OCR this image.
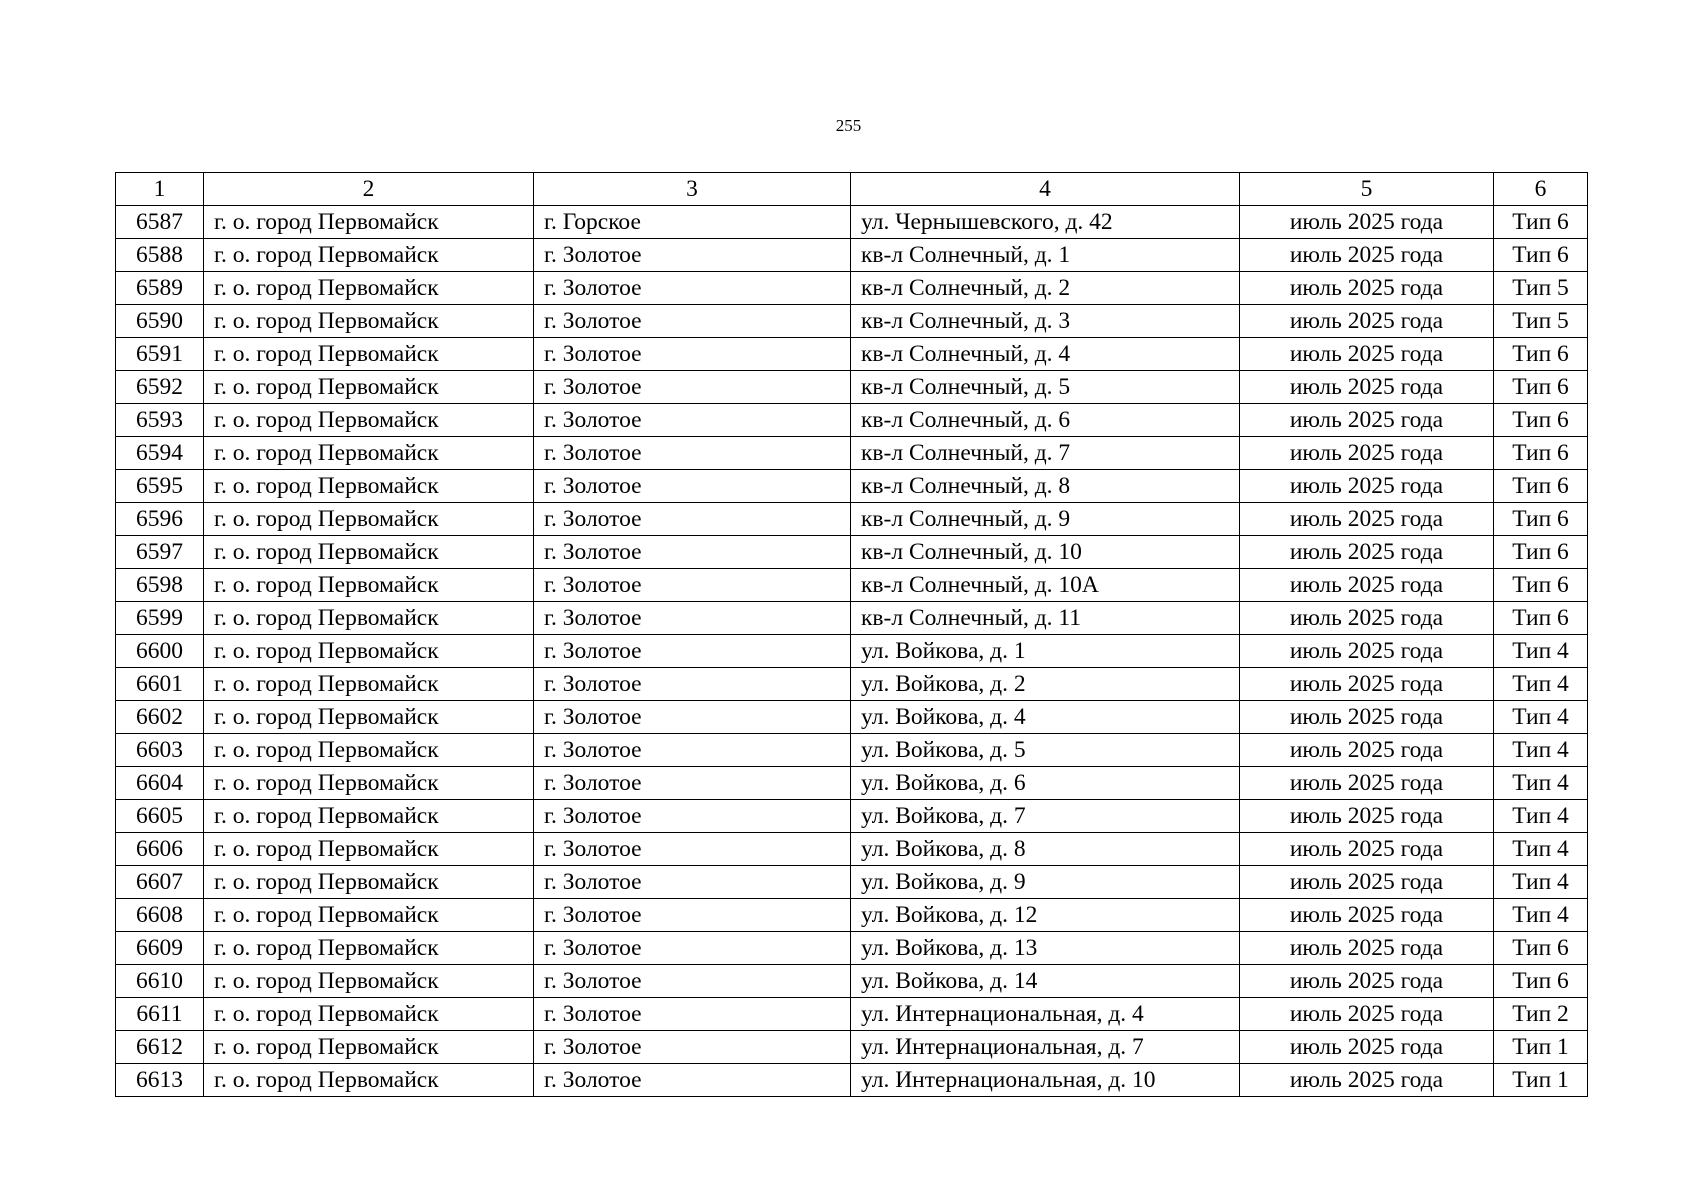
255
1	2	3	4	5	6
6587	г. о. город Первомайск	г. Горское	ул. Чернышевского, д. 42	июль 2025 года	Тип 6
6588	г. о. город Первомайск	г. Золотое	кв-л Солнечный, д. 1	июль 2025 года	Тип 6
6589	г. о. город Первомайск	г. Золотое	кв-л Солнечный, д. 2	июль 2025 года	Тип 5
6590	г. о. город Первомайск	г. Золотое	кв-л Солнечный, д. 3	июль 2025 года	Тип 5
6591	г. о. город Первомайск	г. Золотое	кв-л Солнечный, д. 4	июль 2025 года	Тип 6
6592	г. о. город Первомайск	г. Золотое	кв-л Солнечный, д. 5	июль 2025 года	Тип 6
6593	г. о. город Первомайск	г. Золотое	кв-л Солнечный, д. 6	июль 2025 года	Тип 6
6594	г. о. город Первомайск	г. Золотое	кв-л Солнечный, д. 7	июль 2025 года	Тип 6
6595	г. о. город Первомайск	г. Золотое	кв-л Солнечный, д. 8	июль 2025 года	Тип 6
6596	г. о. город Первомайск	г. Золотое	кв-л Солнечный, д. 9	июль 2025 года	Тип 6
6597	г. о. город Первомайск	г. Золотое	кв-л Солнечный, д. 10	июль 2025 года	Тип 6
6598	г. о. город Первомайск	г. Золотое	кв-л Солнечный, д. 10А	июль 2025 года	Тип 6
6599	г. о. город Первомайск	г. Золотое	кв-л Солнечный, д. 11	июль 2025 года	Тип 6
6600	г. о. город Первомайск	г. Золотое	ул. Войкова, д. 1	июль 2025 года	Тип 4
6601	г. о. город Первомайск	г. Золотое	ул. Войкова, д. 2	июль 2025 года	Тип 4
6602	г. о. город Первомайск	г. Золотое	ул. Войкова, д. 4	июль 2025 года	Тип 4
6603	г. о. город Первомайск	г. Золотое	ул. Войкова, д. 5	июль 2025 года	Тип 4
6604	г. о. город Первомайск	г. Золотое	ул. Войкова, д. 6	июль 2025 года	Тип 4
6605	г. о. город Первомайск	г. Золотое	ул. Войкова, д. 7	июль 2025 года	Тип 4
6606	г. о. город Первомайск	г. Золотое	ул. Войкова, д. 8	июль 2025 года	Тип 4
6607	г. о. город Первомайск	г. Золотое	ул. Войкова, д. 9	июль 2025 года	Тип 4
6608	г. о. город Первомайск	г. Золотое	ул. Войкова, д. 12	июль 2025 года	Тип 4
6609	г. о. город Первомайск	г. Золотое	ул. Войкова, д. 13	июль 2025 года	Тип 6
6610	г. о. город Первомайск	г. Золотое	ул. Войкова, д. 14	июль 2025 года	Тип 6
6611	г. о. город Первомайск	г. Золотое	ул. Интернациональная, д. 4	июль 2025 года	Тип 2
6612	г. о. город Первомайск	г. Золотое	ул. Интернациональная, д. 7	июль 2025 года	Тип 1
6613	г. о. город Первомайск	г. Золотое	ул. Интернациональная, д. 10	июль 2025 года	Тип 1
